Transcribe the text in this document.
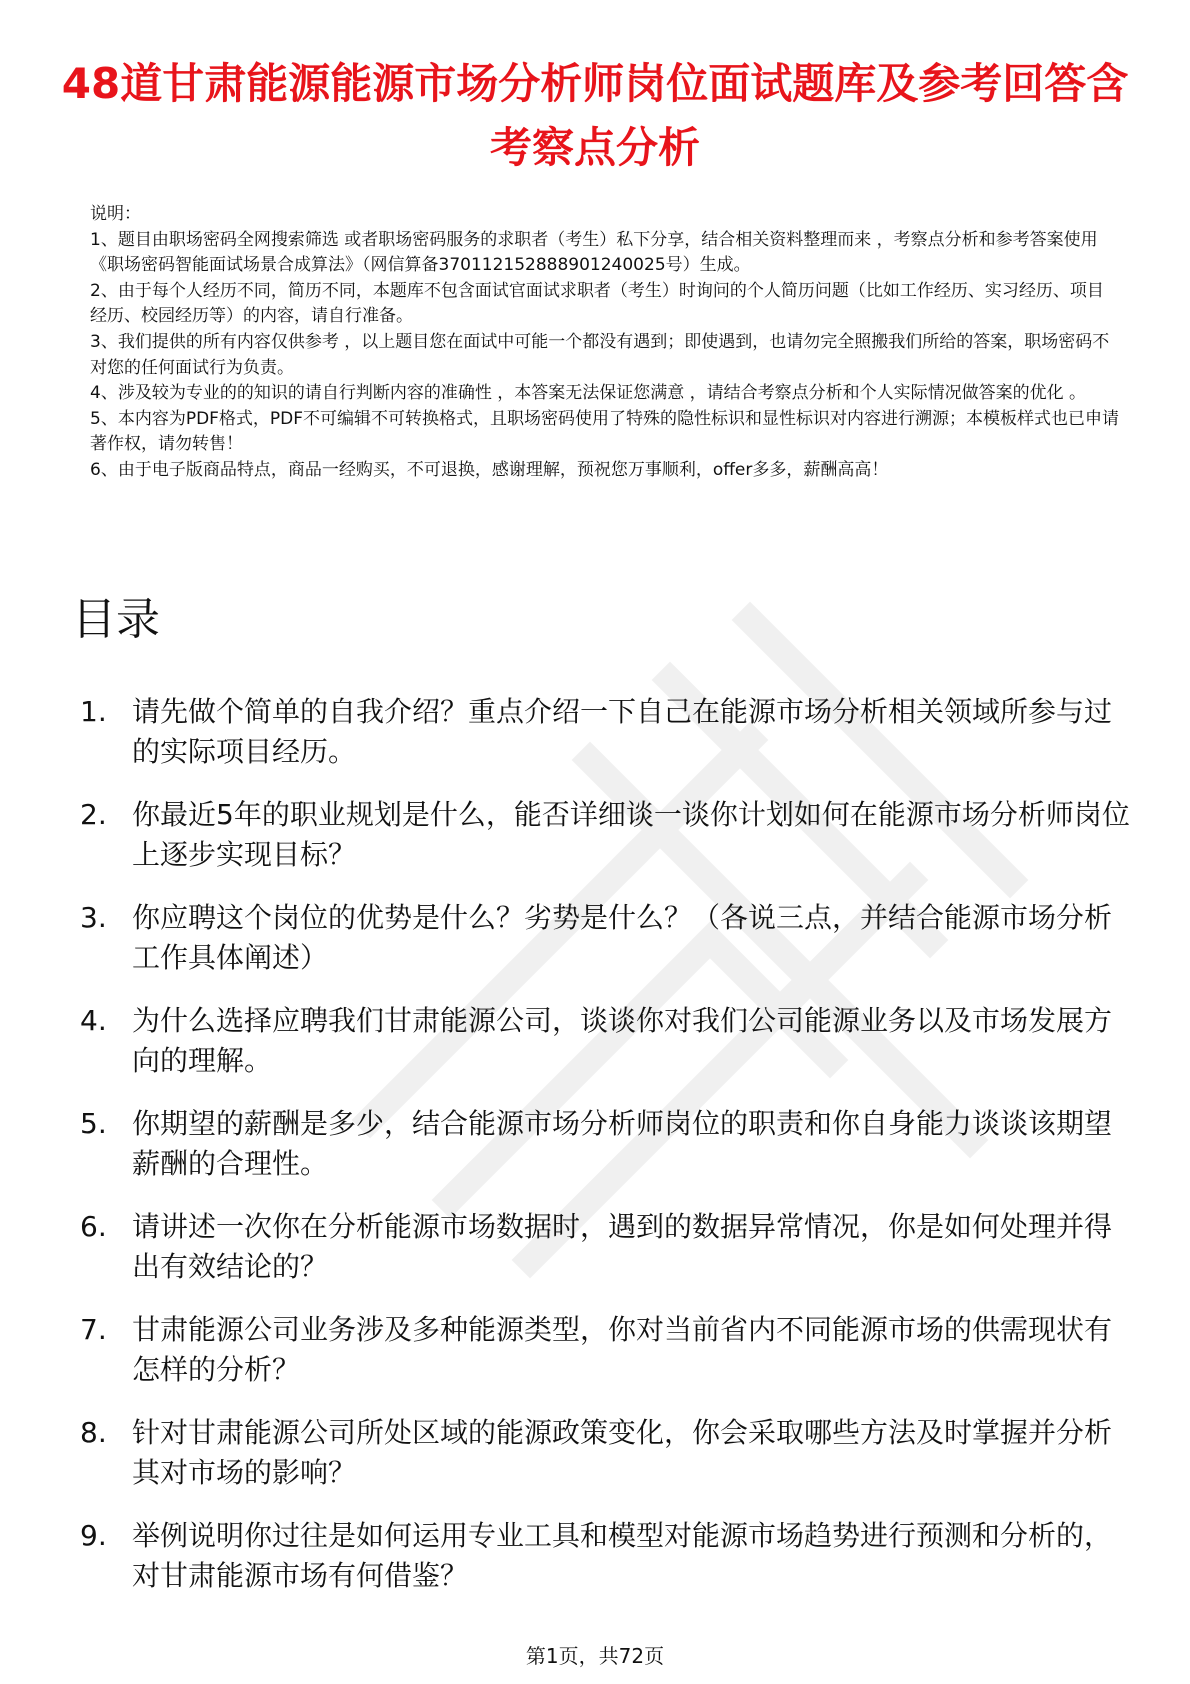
48道甘肃能源能源市场分析师岗位面试题库及参考回答含考察点分析

说明：

1、题目由职场密码全网搜索筛选 或者职场密码服务的求职者（考生）私下分享，结合相关资料整理而来 ，考察点分析和参考答案使用《职场密码智能面试场景合成算法》（网信算备370112152888901240025号）生成。

2、由于每个人经历不同，简历不同，本题库不包含面试官面试求职者（考生）时询问的个人简历问题（比如工作经历、实习经历、项目经历、校园经历等）的内容，请自行准备。

3、我们提供的所有内容仅供参考 ，以上题目您在面试中可能一个都没有遇到；即使遇到，也请勿完全照搬我们所给的答案，职场密码不对您的任何面试行为负责。

4、涉及较为专业的的知识的请自行判断内容的准确性 ，本答案无法保证您满意 ，请结合考察点分析和个人实际情况做答案的优化 。

5、本内容为PDF格式，PDF不可编辑不可转换格式，且职场密码使用了特殊的隐性标识和显性标识对内容进行溯源；本模板样式也已申请著作权，请勿转售！

6、由于电子版商品特点，商品一经购买，不可退换，感谢理解，预祝您万事顺利，offer多多，薪酬高高！

目录
1. 请先做个简单的自我介绍？重点介绍一下自己在能源市场分析相关领域所参与过的实际项目经历。
2. 你最近5年的职业规划是什么，能否详细谈一谈你计划如何在能源市场分析师岗位上逐步实现目标？
3. 你应聘这个岗位的优势是什么？劣势是什么？（各说三点，并结合能源市场分析工作具体阐述）
4. 为什么选择应聘我们甘肃能源公司，谈谈你对我们公司能源业务以及市场发展方向的理解。
5. 你期望的薪酬是多少，结合能源市场分析师岗位的职责和你自身能力谈谈该期望薪酬的合理性。
6. 请讲述一次你在分析能源市场数据时，遇到的数据异常情况，你是如何处理并得出有效结论的？
7. 甘肃能源公司业务涉及多种能源类型，你对当前省内不同能源市场的供需现状有怎样的分析？
8. 针对甘肃能源公司所处区域的能源政策变化，你会采取哪些方法及时掌握并分析其对市场的影响？
9. 举例说明你过往是如何运用专业工具和模型对能源市场趋势进行预测和分析的，对甘肃能源市场有何借鉴？
第1页，共72页
